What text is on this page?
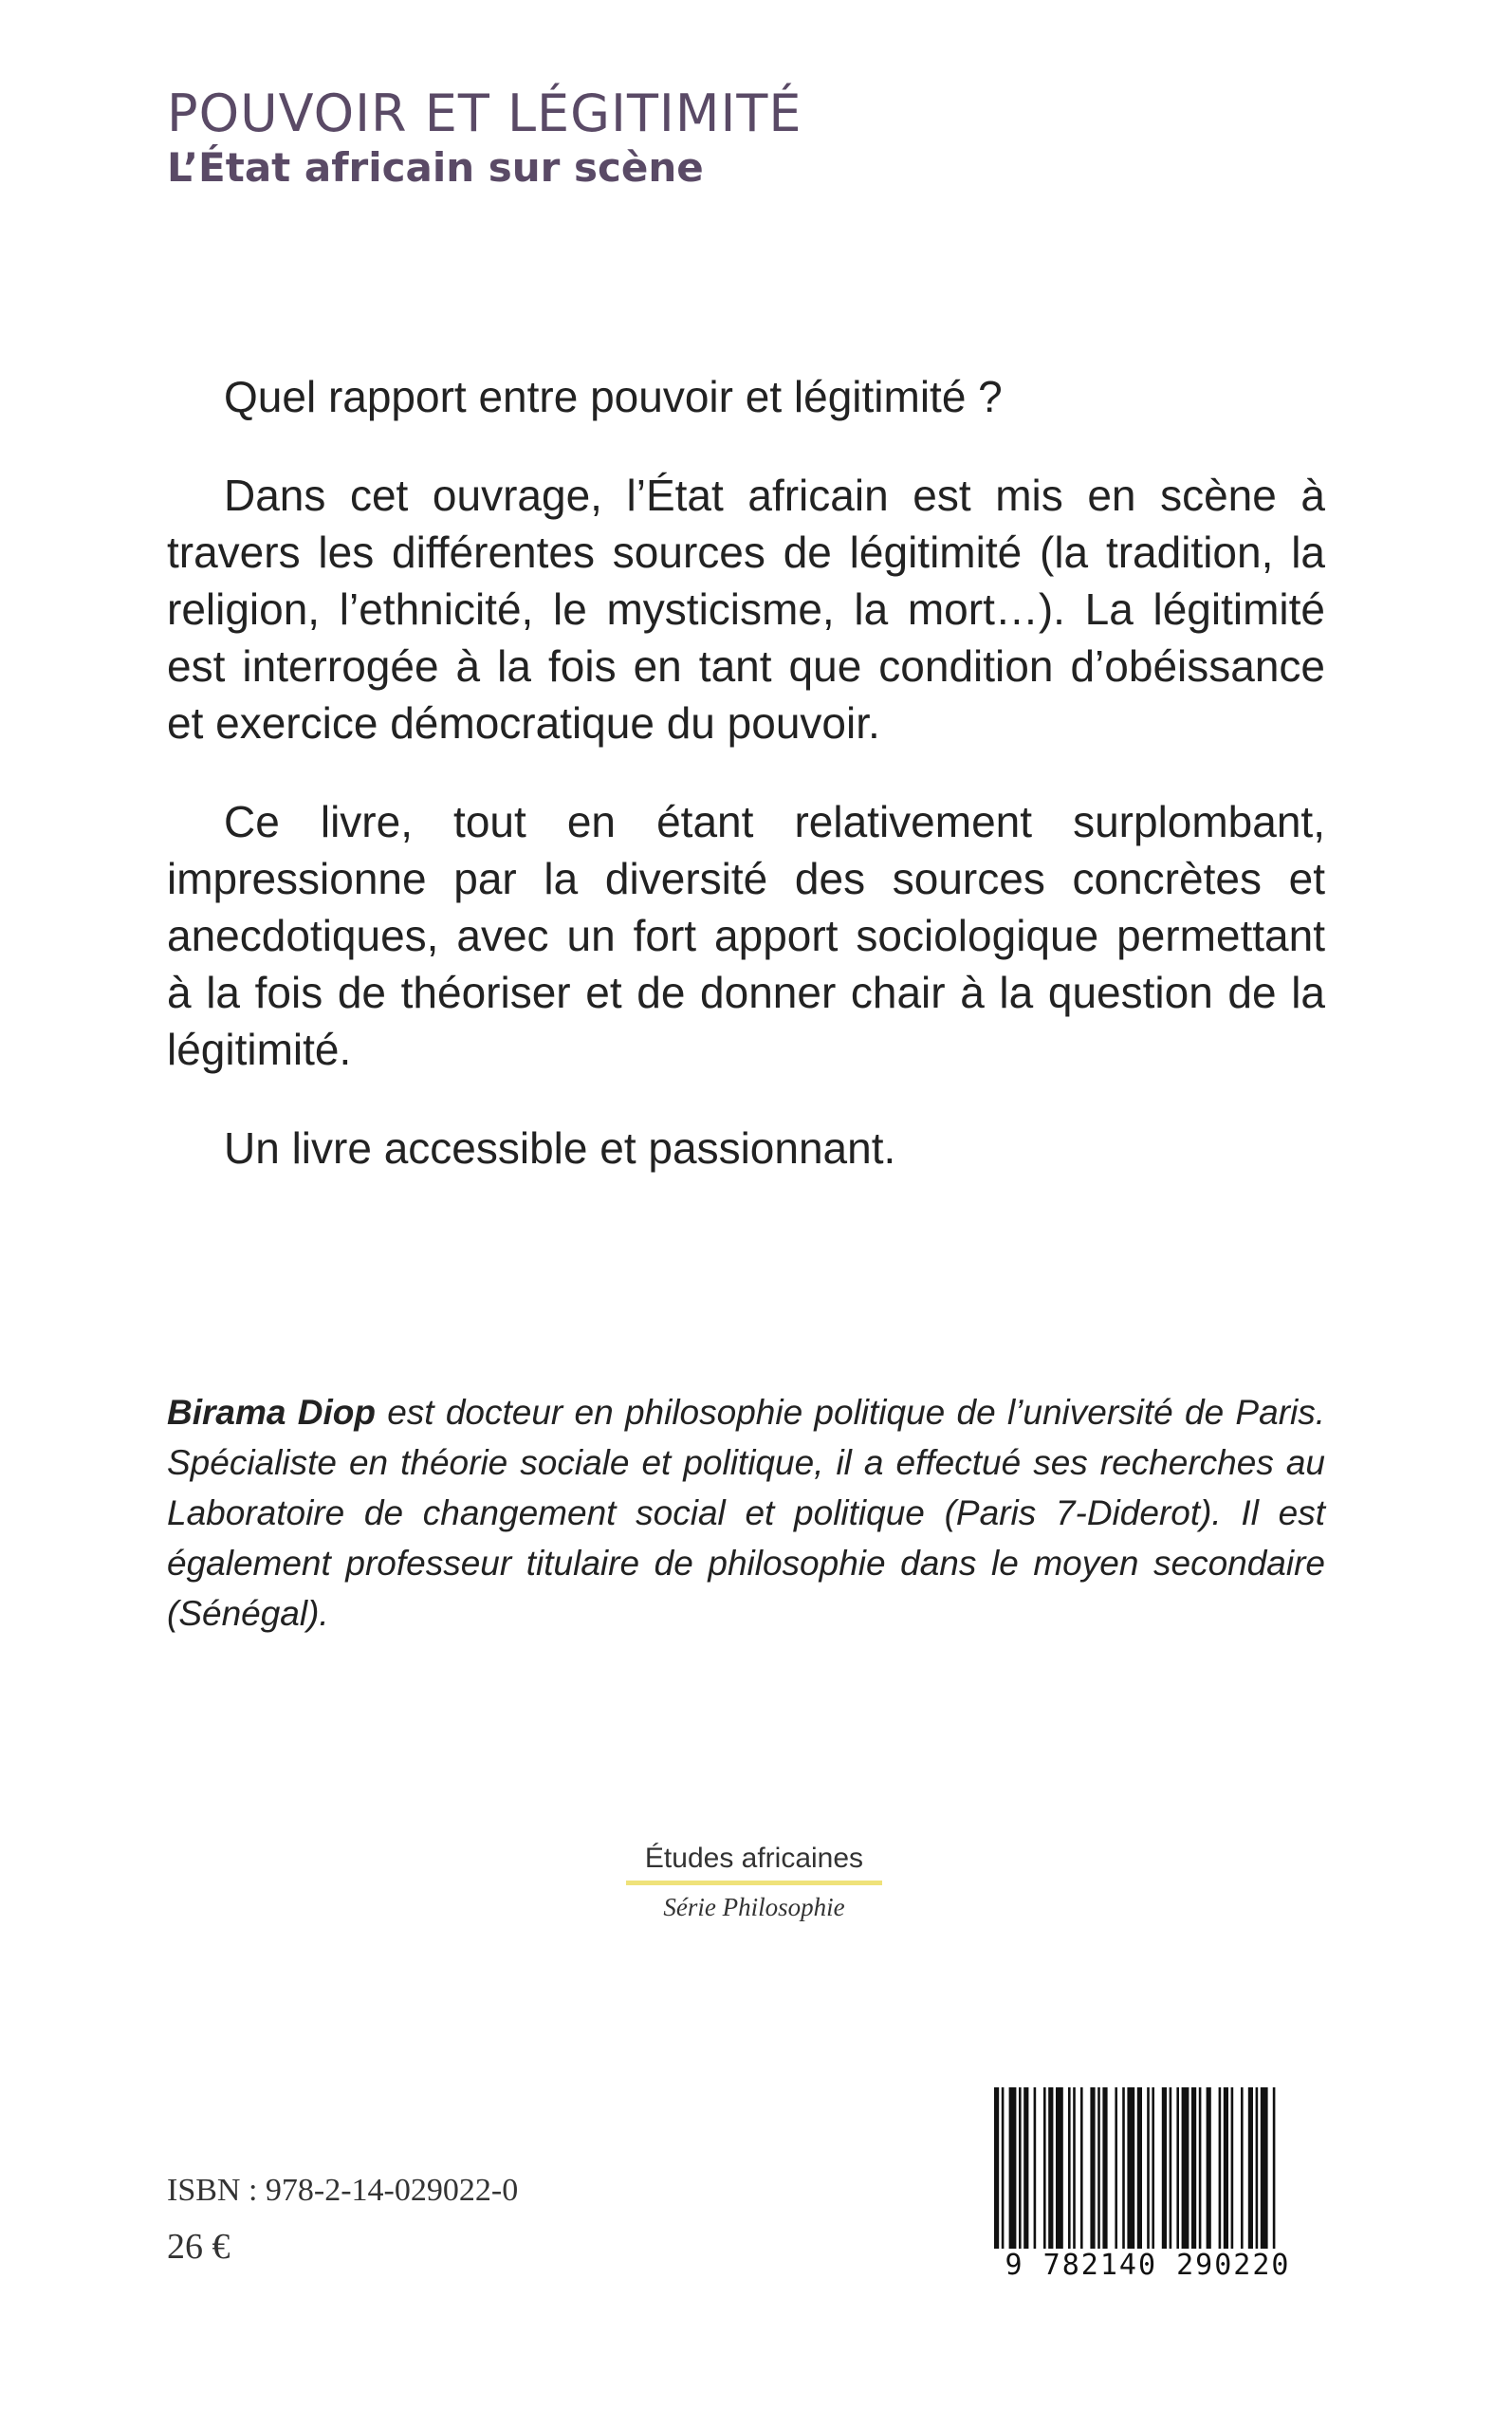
POUVOIR ET LÉGITIMITÉ
L’État africain sur scène

Quel rapport entre pouvoir et légitimité ?

Dans cet ouvrage, l’État africain est mis en scène à travers les différentes sources de légitimité (la tradition, la religion, l’ethnicité, le mysticisme, la mort…). La légitimité est interrogée à la fois en tant que condition d’obéissance et exercice démocratique du pouvoir.

Ce livre, tout en étant relativement surplombant, impressionne par la diversité des sources concrètes et anecdotiques, avec un fort apport sociologique permettant à la fois de théoriser et de donner chair à la question de la légitimité.

Un livre accessible et passionnant.

Birama Diop est docteur en philosophie politique de l’université de Paris. Spécialiste en théorie sociale et politique, il a effectué ses recherches au Laboratoire de changement social et politique (Paris 7-Diderot). Il est également professeur titulaire de philosophie dans le moyen secondaire (Sénégal).

Études africaines
Série Philosophie
ISBN : 978-2-14-029022-0
26 €	9 782140 290220
